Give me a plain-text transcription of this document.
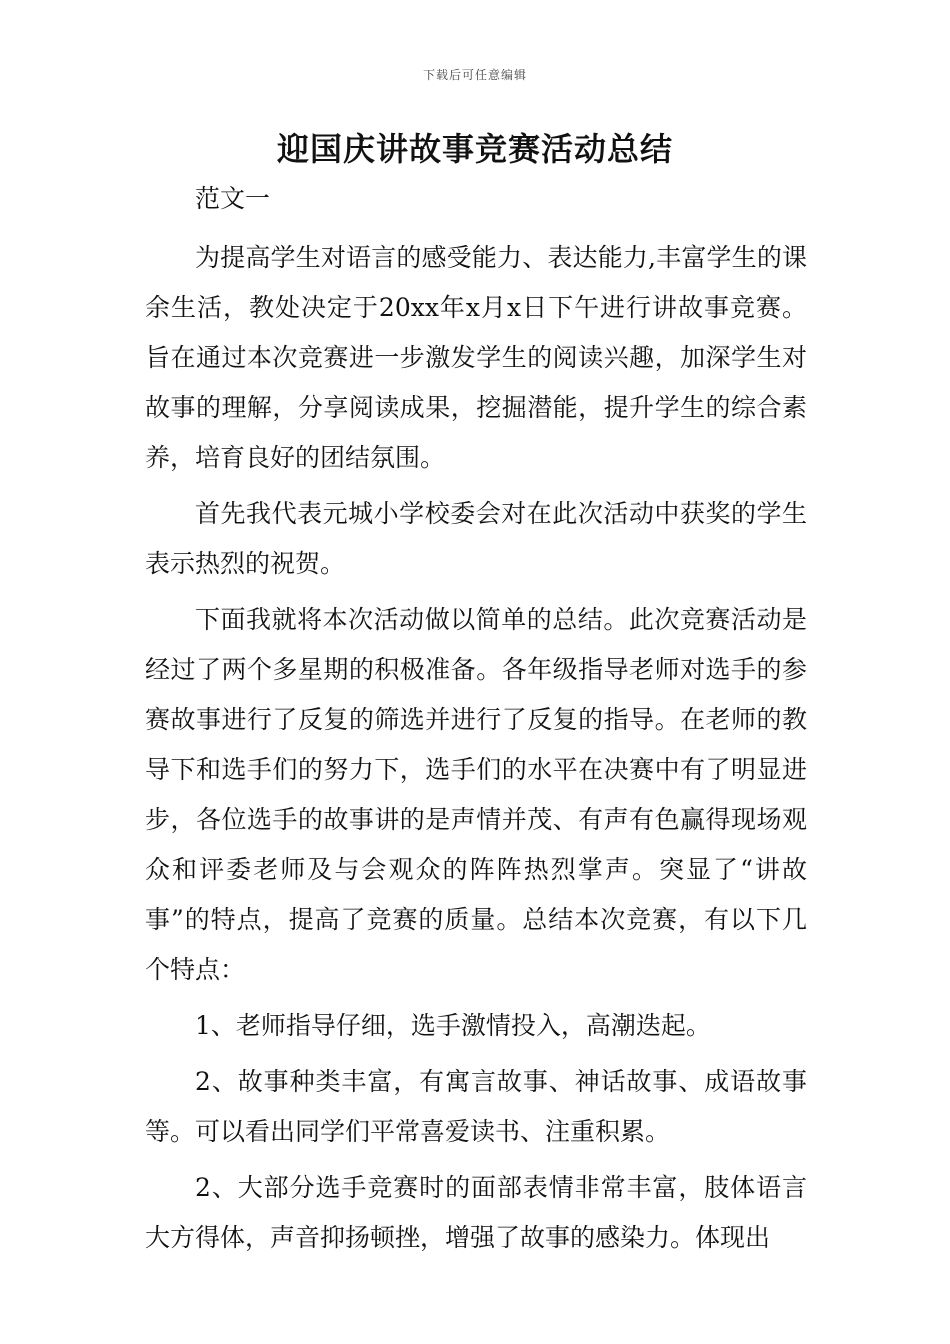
下载后可任意编辑
迎国庆讲故事竞赛活动总结

范文一

为提高学生对语言的感受能力、表达能力,丰富学生的课余生活，教处决定于20xx年x月x日下午进行讲故事竞赛。旨在通过本次竞赛进一步激发学生的阅读兴趣，加深学生对故事的理解，分享阅读成果，挖掘潜能，提升学生的综合素 养，培育良好的团结氛围。

首先我代表元城小学校委会对在此次活动中获奖的学生表示热烈的祝贺。

下面我就将本次活动做以简单的总结。此次竞赛活动是经过了两个多星期的积极准备。各年级指导老师对选手的参赛故事进行了反复的筛选并进行了反复的指导。在老师的教导下和选手们的努力下，选手们的水平在决赛中有了明显进步，各位选手的故事讲的是声情并茂、有声有色赢得现场观众和评委老师及与会观众的阵阵热烈掌声。突显了“讲故事”的特点，提高了竞赛的质量。总结本次竞赛，有以下几个特点：

1、老师指导仔细，选手激情投入，高潮迭起。

2、故事种类丰富，有寓言故事、神话故事、成语故事等。可以看出同学们平常喜爱读书、注重积累。

2、大部分选手竞赛时的面部表情非常丰富，肢体语言大方得体，声音抑扬顿挫，增强了故事的感染力。体现出
